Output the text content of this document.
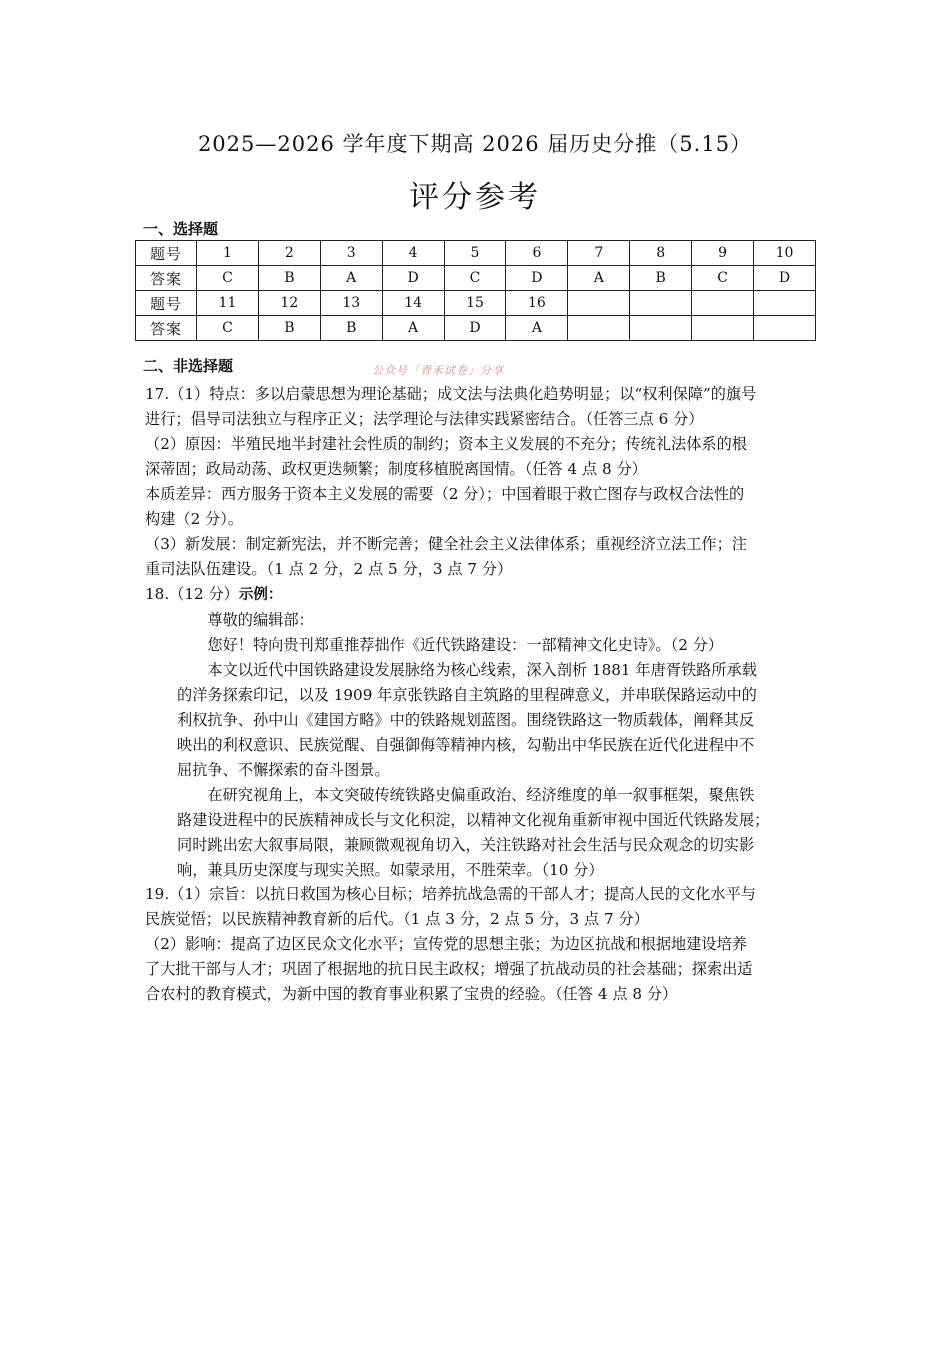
2025—2026 学年度下期高 2026 届历史分推（5.15）
评分参考
一、选择题
题号	1	2	3	4	5	6	7	8	9	10
答案	C	B	A	D	C	D	A	B	C	D
题号	11	12	13	14	15	16				
答案	C	B	B	A	D	A				
二、非选择题	公众号「青禾试卷」分享

17.（1）特点：多以启蒙思想为理论基础；成文法与法典化趋势明显；以“权利保障”的旗号

进行；倡导司法独立与程序正义；法学理论与法律实践紧密结合。（任答三点 6 分）

（2）原因：半殖民地半封建社会性质的制约；资本主义发展的不充分；传统礼法体系的根

深蒂固；政局动荡、政权更迭频繁；制度移植脱离国情。（任答 4 点 8 分）

本质差异：西方服务于资本主义发展的需要（2 分）；中国着眼于救亡图存与政权合法性的

构建（2 分）。

（3）新发展：制定新宪法，并不断完善；健全社会主义法律体系；重视经济立法工作；注

重司法队伍建设。（1 点 2 分，2 点 5 分，3 点 7 分）

18.（12 分）示例：

尊敬的编辑部：

您好！特向贵刊郑重推荐拙作《近代铁路建设：一部精神文化史诗》。（2 分）

本文以近代中国铁路建设发展脉络为核心线索，深入剖析 1881 年唐胥铁路所承载

的洋务探索印记，以及 1909 年京张铁路自主筑路的里程碑意义，并串联保路运动中的

利权抗争、孙中山《建国方略》中的铁路规划蓝图。围绕铁路这一物质载体，阐释其反

映出的利权意识、民族觉醒、自强御侮等精神内核，勾勒出中华民族在近代化进程中不

屈抗争、不懈探索的奋斗图景。

在研究视角上，本文突破传统铁路史偏重政治、经济维度的单一叙事框架，聚焦铁

路建设进程中的民族精神成长与文化积淀，以精神文化视角重新审视中国近代铁路发展；

同时跳出宏大叙事局限，兼顾微观视角切入，关注铁路对社会生活与民众观念的切实影

响，兼具历史深度与现实关照。如蒙录用，不胜荣幸。（10 分）

19.（1）宗旨：以抗日救国为核心目标；培养抗战急需的干部人才；提高人民的文化水平与

民族觉悟；以民族精神教育新的后代。（1 点 3 分，2 点 5 分，3 点 7 分）

（2）影响：提高了边区民众文化水平；宣传党的思想主张；为边区抗战和根据地建设培养

了大批干部与人才；巩固了根据地的抗日民主政权；增强了抗战动员的社会基础；探索出适

合农村的教育模式，为新中国的教育事业积累了宝贵的经验。（任答 4 点 8 分）
